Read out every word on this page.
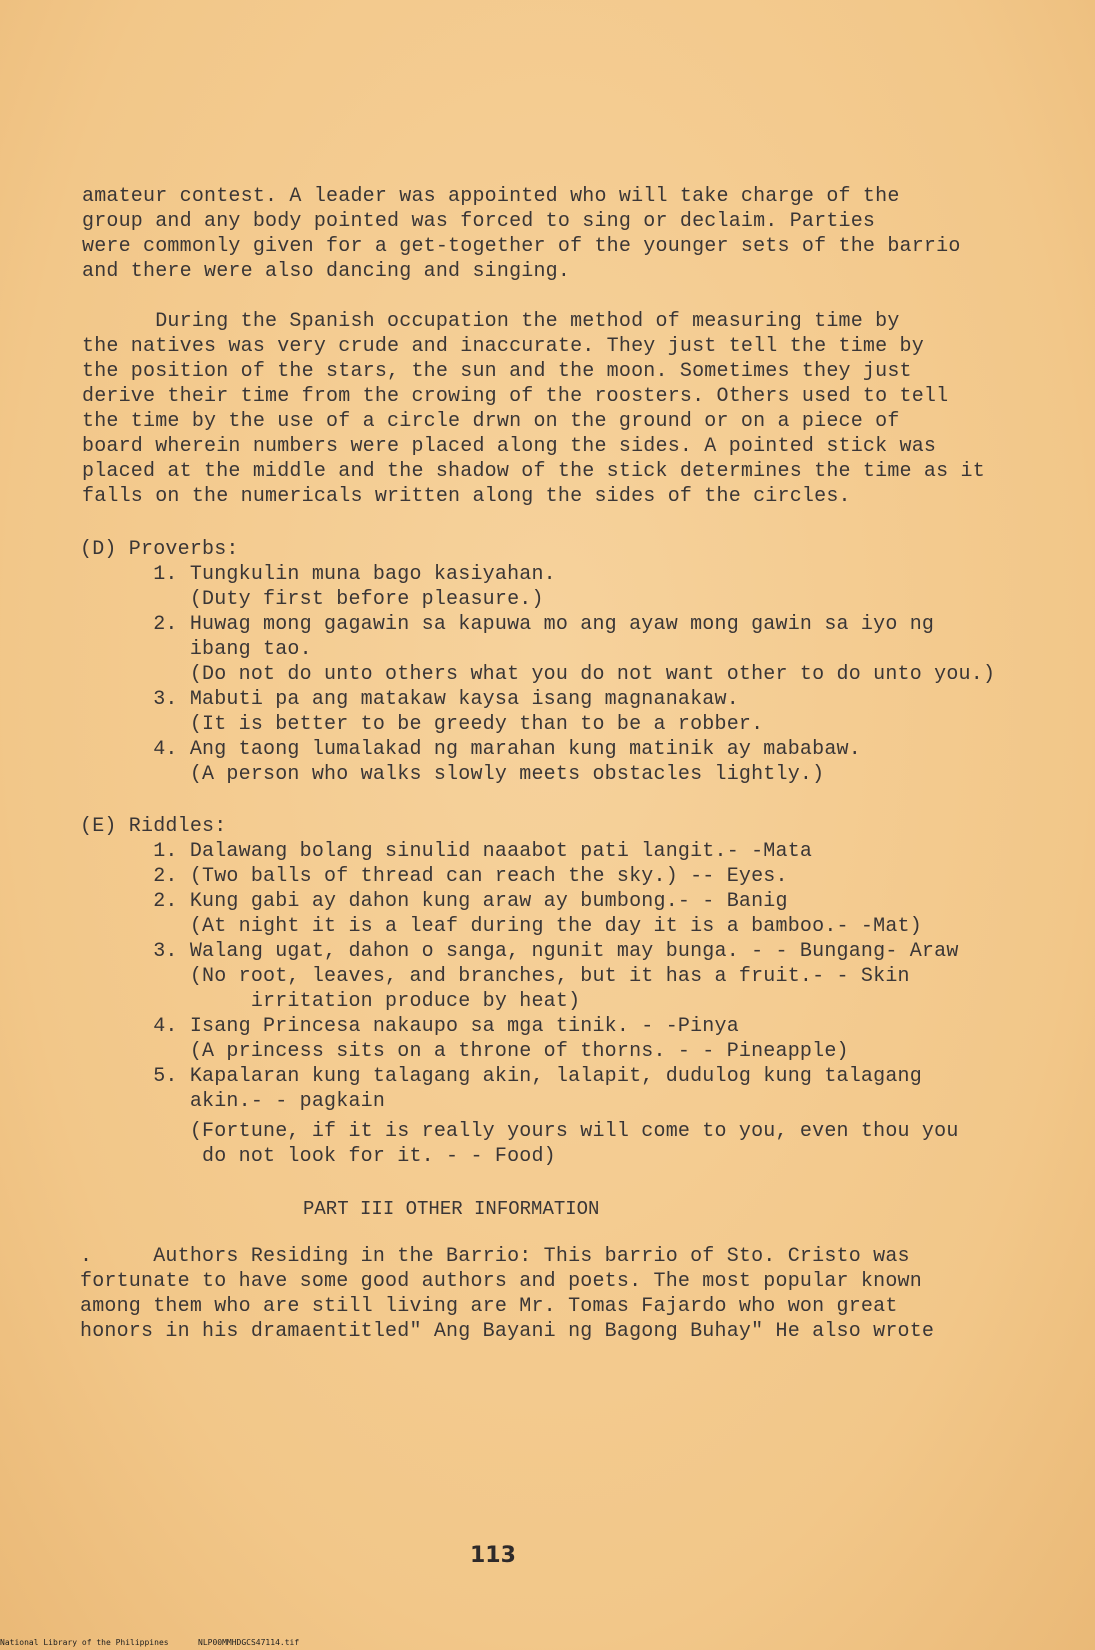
amateur contest. A leader was appointed who will take charge of the
group and any body pointed was forced to sing or declaim. Parties
were commonly given for a get-together of the younger sets of the barrio
and there were also dancing and singing.
During the Spanish occupation the method of measuring time by
the natives was very crude and inaccurate. They just tell the time by
the position of the stars, the sun and the moon. Sometimes they just
derive their time from the crowing of the roosters. Others used to tell
the time by the use of a circle drwn on the ground or on a piece of
board wherein numbers were placed along the sides. A pointed stick was
placed at the middle and the shadow of the stick determines the time as it
falls on the numericals written along the sides of the circles.
(D) Proverbs:
1. Tungkulin muna bago kasiyahan.
(Duty first before pleasure.)
2. Huwag mong gagawin sa kapuwa mo ang ayaw mong gawin sa iyo ng
ibang tao.
(Do not do unto others what you do not want other to do unto you.)
3. Mabuti pa ang matakaw kaysa isang magnanakaw.
(It is better to be greedy than to be a robber.
4. Ang taong lumalakad ng marahan kung matinik ay mababaw.
(A person who walks slowly meets obstacles lightly.)
(E) Riddles:
1. Dalawang bolang sinulid naaabot pati langit.- -Mata
2. (Two balls of thread can reach the sky.) -- Eyes.
2. Kung gabi ay dahon kung araw ay bumbong.- - Banig
(At night it is a leaf during the day it is a bamboo.- -Mat)
3. Walang ugat, dahon o sanga, ngunit may bunga. - - Bungang- Araw
(No root, leaves, and branches, but it has a fruit.- - Skin
irritation produce by heat)
4. Isang Princesa nakaupo sa mga tinik. - -Pinya
(A princess sits on a throne of thorns. - - Pineapple)
5. Kapalaran kung talagang akin, lalapit, dudulog kung talagang
akin.- - pagkain
(Fortune, if it is really yours will come to you, even thou you
do not look for it. - - Food)
PART III OTHER INFORMATION
.     Authors Residing in the Barrio: This barrio of Sto. Cristo was
fortunate to have some good authors and poets. The most popular known
among them who are still living are Mr. Tomas Fajardo who won great
honors in his dramaentitled" Ang Bayani ng Bagong Buhay" He also wrote
113
National Library of the Philippines	NLP00MMHDGCS47114.tif
